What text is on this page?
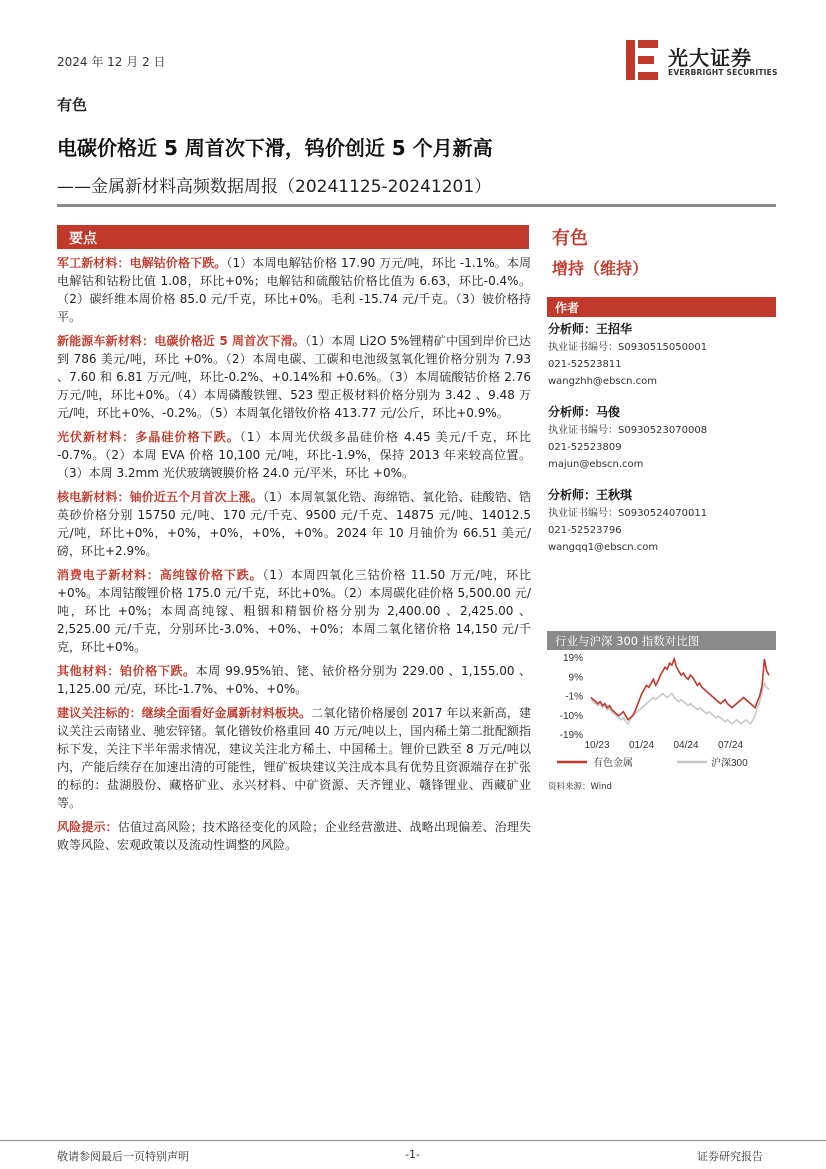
2024 年 12 月 2 日	光大证券
EVERBRIGHT SECURITIES
有色
电碳价格近 5 周首次下滑，钨价创近 5 个月新高
——金属新材料高频数据周报（20241125-20241201）
要点

军工新材料：电解钴价格下跌。（1）本周电解钴价格 17.90 万元/吨，环比 -1.1%。本周电解钴和钴粉比值 1.08，环比+0%；电解钴和硫酸钴价格比值为 6.63，环比-0.4%。（2）碳纤维本周价格 85.0 元/千克，环比+0%。毛利 -15.74 元/千克。（3）铍价格持平。

新能源车新材料：电碳价格近 5 周首次下滑。（1）本周 Li2O 5%锂精矿中国到岸价已达到 786 美元/吨，环比 +0%。（2）本周电碳、工碳和电池级氢氧化锂价格分别为 7.93 、7.60 和 6.81 万元/吨，环比-0.2%、+0.14%和 +0.6%。（3）本周硫酸钴价格 2.76 万元/吨，环比+0%。（4）本周磷酸铁锂、523 型正极材料价格分别为 3.42 、9.48 万元/吨，环比+0%、-0.2%。（5）本周氧化镨钕价格 413.77 元/公斤，环比+0.9%。

光伏新材料：多晶硅价格下跌。（1）本周光伏级多晶硅价格 4.45 美元/千克，环比 -0.7%。（2）本周 EVA 价格 10,100 元/吨，环比-1.9%，保持 2013 年来较高位置。（3）本周 3.2mm 光伏玻璃镀膜价格 24.0 元/平米，环比 +0%。

核电新材料：铀价近五个月首次上涨。（1）本周氧氯化锆、海绵锆、氧化铪、硅酸锆、锆英砂价格分别 15750 元/吨、170 元/千克、9500 元/千克、14875 元/吨、14012.5 元/吨，环比+0%，+0%，+0%，+0%，+0%。2024 年 10 月铀价为 66.51 美元/磅，环比+2.9%。

消费电子新材料：高纯镓价格下跌。（1）本周四氧化三钴价格 11.50 万元/吨，环比+0%。本周钴酸锂价格 175.0 元/千克，环比+0%。（2）本周碳化硅价格 5,500.00 元/吨，环比 +0%；本周高纯镓、粗铟和精铟价格分别为 2,400.00 、2,425.00 、2,525.00 元/千克，分别环比-3.0%、+0%、+0%；本周二氧化锗价格 14,150 元/千克，环比+0%。

其他材料：铂价格下跌。本周 99.95%铂、铑、铱价格分别为 229.00 、1,155.00 、1,125.00 元/克，环比-1.7%、+0%、+0%。

建议关注标的：继续全面看好金属新材料板块。二氧化锗价格屡创 2017 年以来新高，建议关注云南锗业、驰宏锌锗。氧化镨钕价格重回 40 万元/吨以上，国内稀土第二批配额指标下发，关注下半年需求情况，建议关注北方稀土、中国稀土。锂价已跌至 8 万元/吨以内，产能后续存在加速出清的可能性，锂矿板块建议关注成本具有优势且资源端存在扩张的标的：盐湖股份、藏格矿业、永兴材料、中矿资源、天齐锂业、赣锋锂业、西藏矿业等。

风险提示：估值过高风险；技术路径变化的风险；企业经营激进、战略出现偏差、治理失败等风险、宏观政策以及流动性调整的风险。

有色
增持（维持）
作者
分析师：王招华
执业证书编号：S0930515050001
021-52523811
wangzhh@ebscn.com
分析师：马俊
执业证书编号：S0930523070008
021-52523809
majun@ebscn.com
分析师：王秋琪
执业证书编号：S0930524070011
021-52523796
wangqq1@ebscn.com
行业与沪深 300 指数对比图
19%
9%
-1%
-10%
-19%
10/23 01/24 04/24 07/24
有色金属	沪深300
资料来源：Wind
敬请参阅最后一页特别声明	-1-	证券研究报告
